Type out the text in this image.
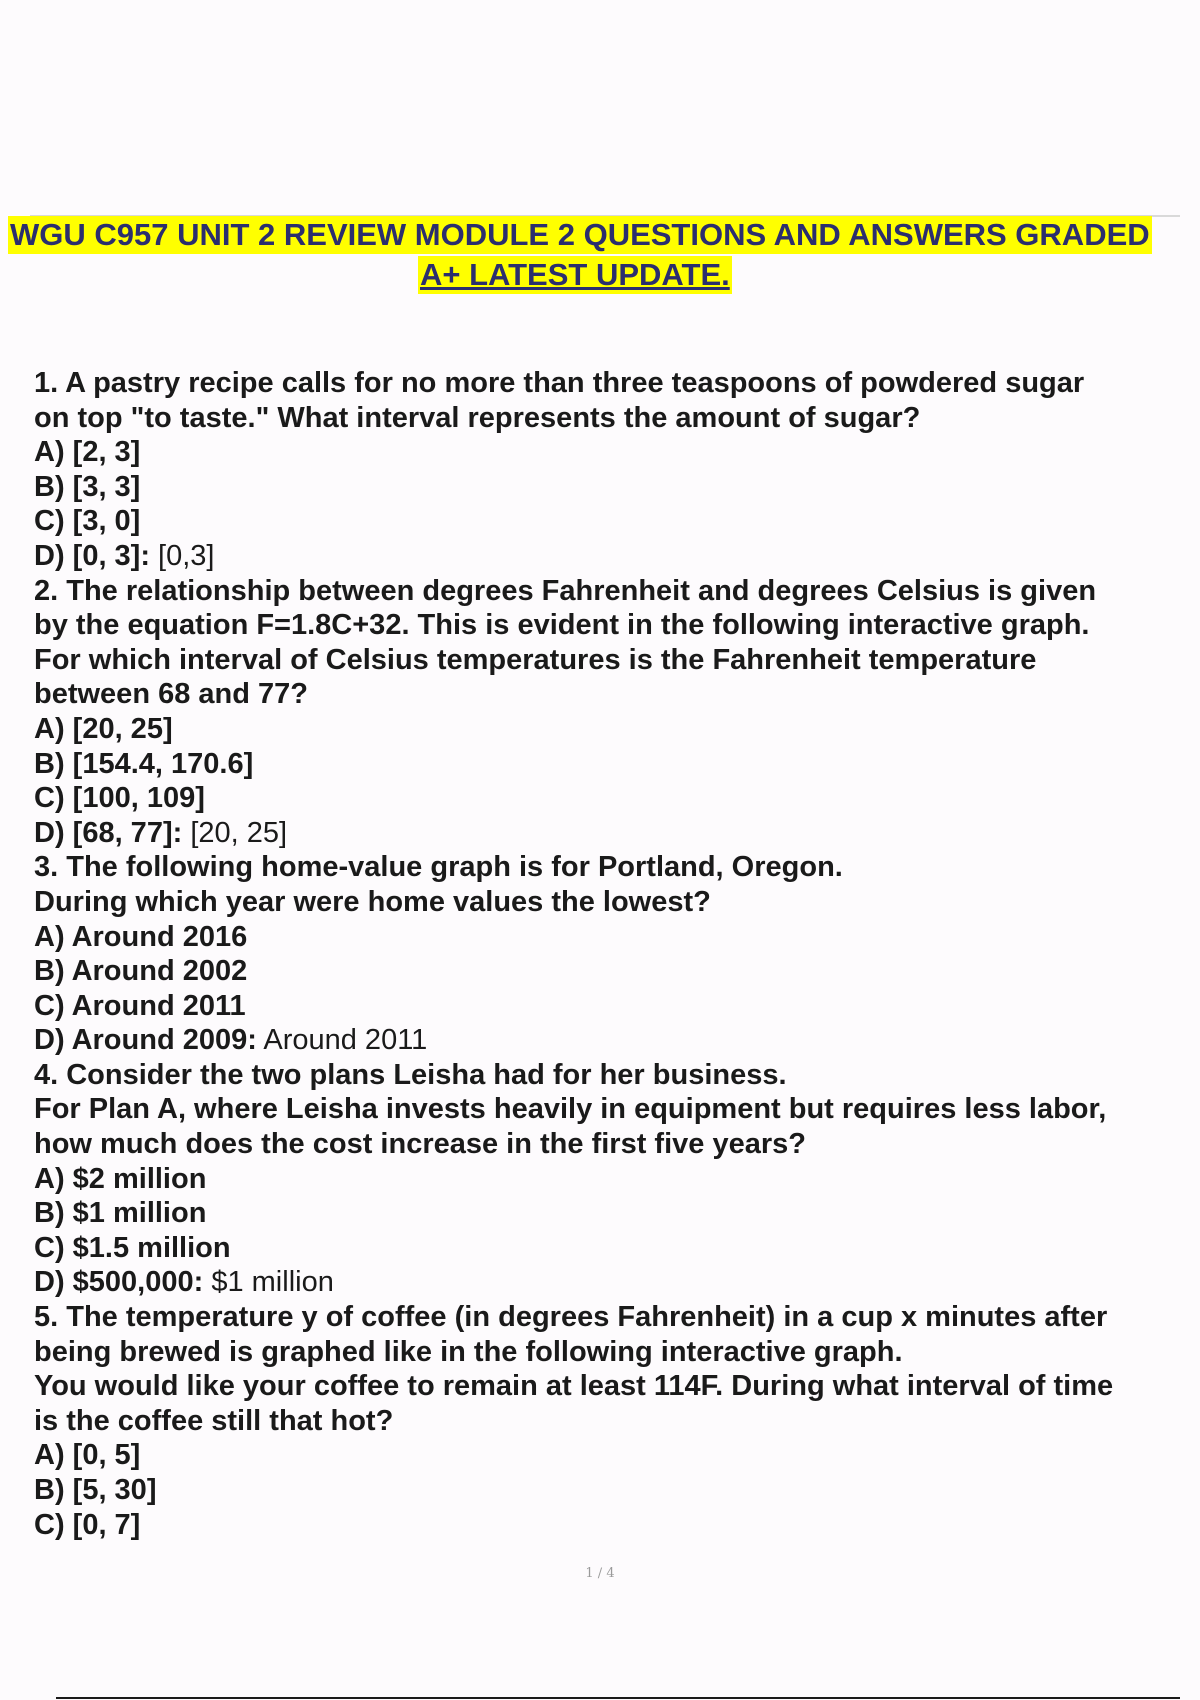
WGU C957 UNIT 2 REVIEW MODULE 2 QUESTIONS AND ANSWERS GRADED
A+ LATEST UPDATE.
1. A pastry recipe calls for no more than three teaspoons of powdered sugar
on top "to taste." What interval represents the amount of sugar?
A) [2, 3]
B) [3, 3]
C) [3, 0]
D) [0, 3]: [0,3]
2. The relationship between degrees Fahrenheit and degrees Celsius is given
by the equation F=1.8C+32. This is evident in the following interactive graph.
For which interval of Celsius temperatures is the Fahrenheit temperature
between 68 and 77?
A) [20, 25]
B) [154.4, 170.6]
C) [100, 109]
D) [68, 77]: [20, 25]
3. The following home-value graph is for Portland, Oregon.
During which year were home values the lowest?
A) Around 2016
B) Around 2002
C) Around 2011
D) Around 2009: Around 2011
4. Consider the two plans Leisha had for her business.
For Plan A, where Leisha invests heavily in equipment but requires less labor,
how much does the cost increase in the first five years?
A) $2 million
B) $1 million
C) $1.5 million
D) $500,000: $1 million
5. The temperature y of coffee (in degrees Fahrenheit) in a cup x minutes after
being brewed is graphed like in the following interactive graph.
You would like your coffee to remain at least 114F. During what interval of time
is the coffee still that hot?
A) [0, 5]
B) [5, 30]
C) [0, 7]
1 / 4
